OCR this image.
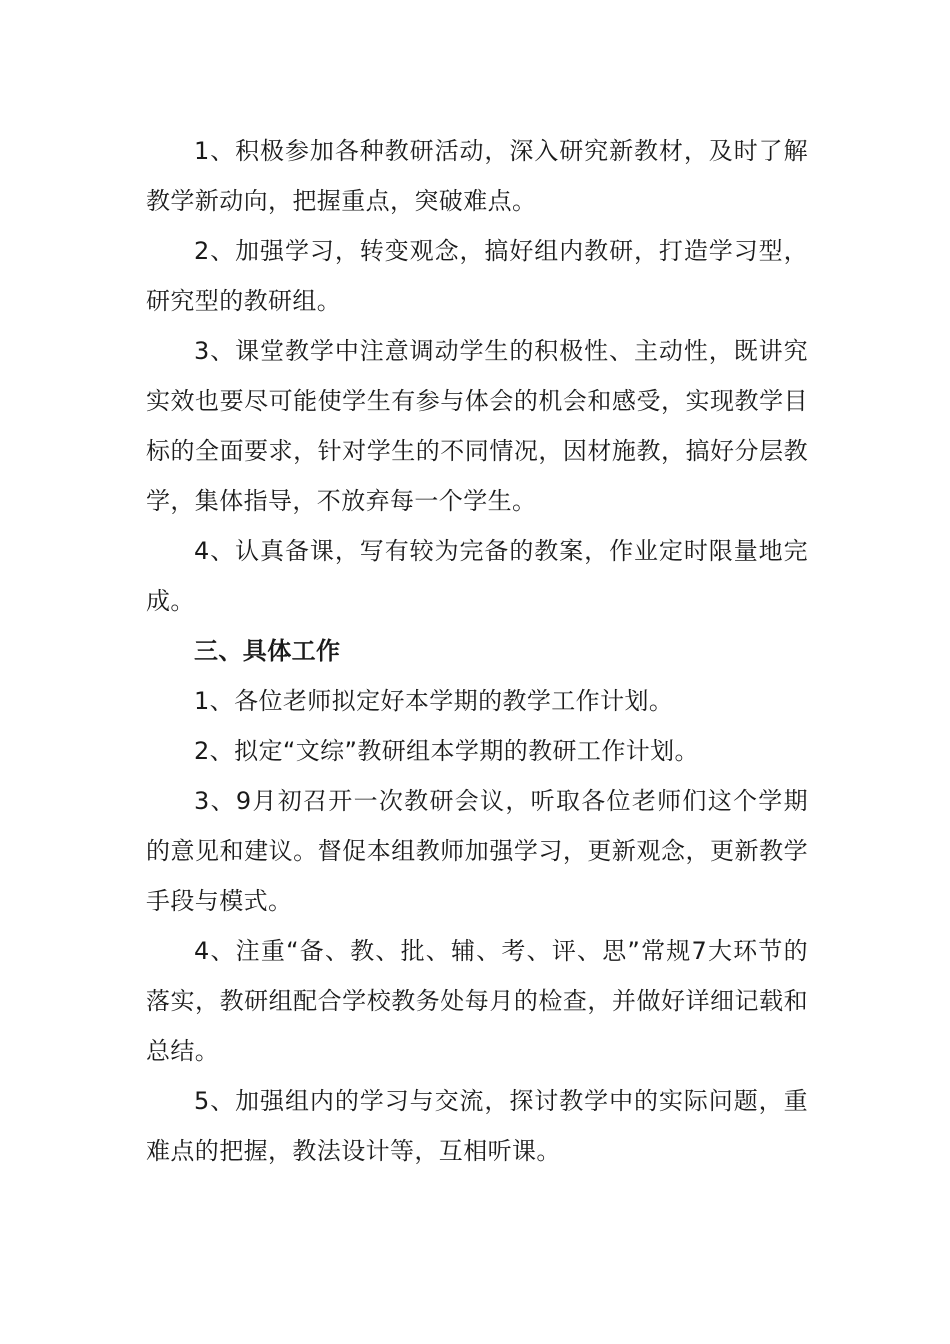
1、积极参加各种教研活动，深入研究新教材，及时了解教学新动向，把握重点，突破难点。

2、加强学习，转变观念，搞好组内教研，打造学习型，研究型的教研组。

3、课堂教学中注意调动学生的积极性、主动性，既讲究实效也要尽可能使学生有参与体会的机会和感受，实现教学目标的全面要求，针对学生的不同情况，因材施教，搞好分层教学，集体指导，不放弃每一个学生。

4、认真备课，写有较为完备的教案，作业定时限量地完成。

三、具体工作

1、各位老师拟定好本学期的教学工作计划。

2、拟定“文综”教研组本学期的教研工作计划。

3、9月初召开一次教研会议，听取各位老师们这个学期的意见和建议。督促本组教师加强学习，更新观念，更新教学手段与模式。

4、注重“备、教、批、辅、考、评、思”常规7大环节的落实，教研组配合学校教务处每月的检查，并做好详细记载和总结。

5、加强组内的学习与交流，探讨教学中的实际问题，重难点的把握，教法设计等，互相听课。
